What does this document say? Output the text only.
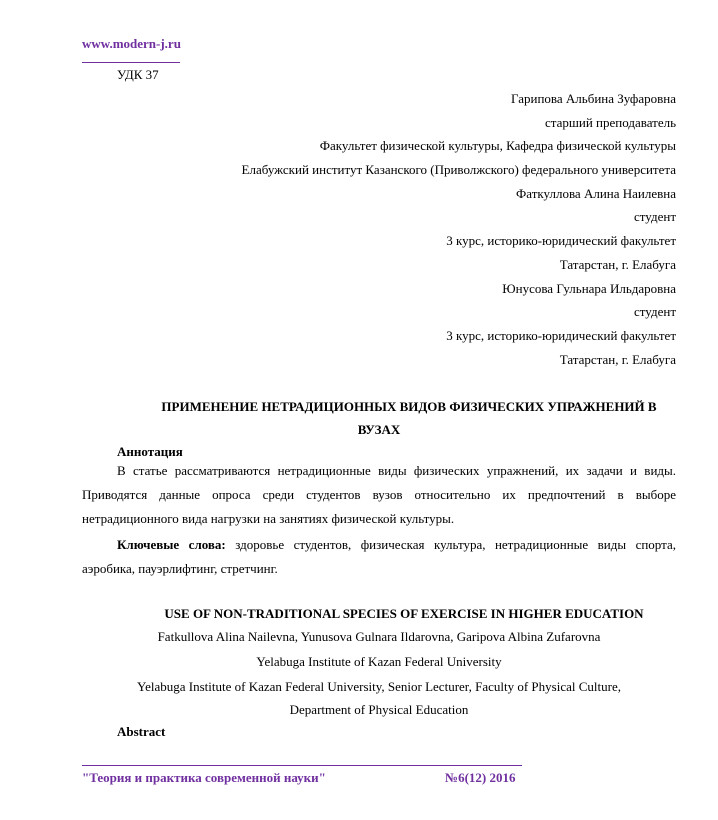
www.modern-j.ru
УДК 37
Гарипова Альбина Зуфаровна
старший преподаватель
Факультет физической культуры, Кафедра физической культуры
Елабужский институт Казанского (Приволжского) федерального университета
Фаткуллова Алина Наилевна
студент
3 курс, историко-юридический факультет
Татарстан, г. Елабуга
Юнусова Гульнара Ильдаровна
студент
3 курс, историко-юридический факультет
Татарстан, г. Елабуга
ПРИМЕНЕНИЕ НЕТРАДИЦИОННЫХ ВИДОВ ФИЗИЧЕСКИХ УПРАЖНЕНИЙ В
ВУЗАХ
Аннотация

В статье рассматриваются нетрадиционные виды физических упражнений, их задачи и виды. Приводятся данные опроса среди студентов вузов относительно их предпочтений в выборе нетрадиционного вида нагрузки на занятиях физической культуры.

Ключевые слова: здоровье студентов, физическая культура, нетрадиционные виды спорта, аэробика, пауэрлифтинг, стретчинг.

USE OF NON-TRADITIONAL SPECIES OF EXERCISE IN HIGHER EDUCATION
Fatkullova Alina Nailevna, Yunusova Gulnara Ildarovna, Garipova Albina Zufarovna
Yelabuga Institute of Kazan Federal University
Yelabuga Institute of Kazan Federal University, Senior Lecturer, Faculty of Physical Culture,
Department of Physical Education
Abstract
"Теория и практика современной науки"	№6(12) 2016
